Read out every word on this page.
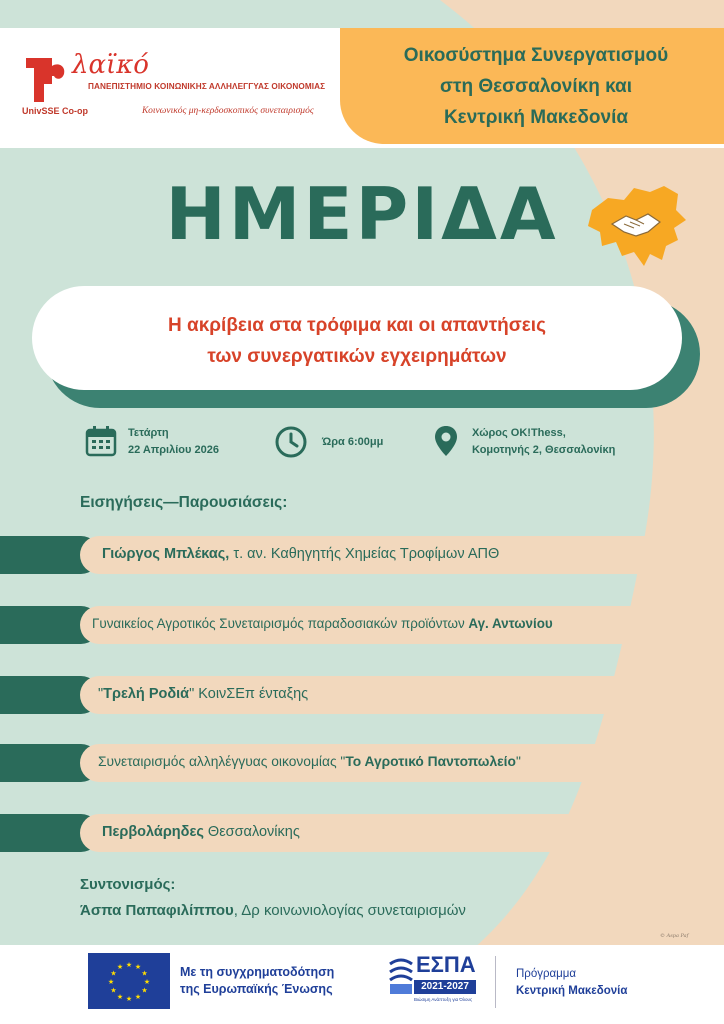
λαϊκό
ΠΑΝΕΠΙΣΤΗΜΙΟ ΚΟΙΝΩΝΙΚΗΣ ΑΛΛΗΛΕΓΓΥΑΣ ΟΙΚΟΝΟΜΙΑΣ
UnivSSE Co-op	Κοινωνικός μη-κερδοσκοπικός συνεταιρισμός
Οικοσύστημα Συνεργατισμού
στη Θεσσαλονίκη και
Κεντρική Μακεδονία
ΗΜΕΡΙΔΑ
Η ακρίβεια στα τρόφιμα και οι απαντήσεις
των συνεργατικών εγχειρημάτων
Τετάρτη
22 Απριλίου 2026
Ώρα 6:00μμ
Χώρος OK!Thess,
Κομοτηνής 2, Θεσσαλονίκη
Εισηγήσεις—Παρουσιάσεις:
Γιώργος Μπλέκας, τ. αν. Καθηγητής Χημείας Τροφίμων ΑΠΘ
Γυναικείος Αγροτικός Συνεταιρισμός παραδοσιακών προϊόντων Αγ. Αντωνίου
"Τρελή Ροδιά" ΚοινΣΕπ ένταξης
Συνεταιρισμός αλληλέγγυας οικονομίας "Το Αγροτικό Παντοπωλείο"
Περβολάρηδες Θεσσαλονίκης
Συντονισμός:
Άσπα Παπαφιλίππου, Δρ κοινωνιολογίας συνεταιρισμών
© Aspa Paf
★ ★
★
★
★
★
★
★
★
★
★
★	Με τη συγχρηματοδότηση
της Ευρωπαϊκής Ένωσης
ΕΣΠΑ
2021-2027
Βιώσιμη Ανάπτυξη για Όλους
Πρόγραμμα
Κεντρική Μακεδονία
